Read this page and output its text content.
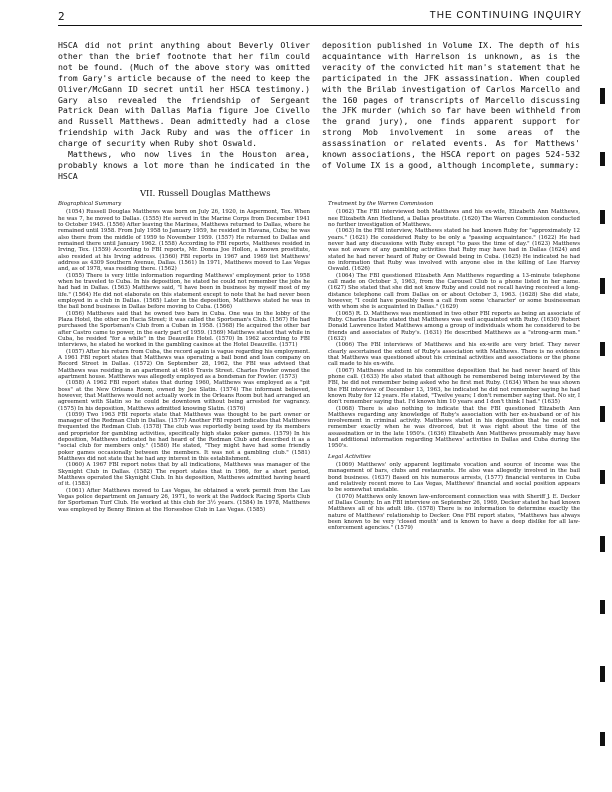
2	THE CONTINUING INQUIRY

HSCA did not print anything about Beverly Oliver other than the brief footnote that her film could not be found. (Much of the above story was omitted from Gary's article because of the need to keep the Oliver/McGann ID secret until her HSCA testimony.) Gary also revealed the friendship of Sergeant Patrick Dean with Dallas Mafia figure Joe Civello and Russell Matthews. Dean admittedly had a close friendship with Jack Ruby and was the officer in charge of security when Ruby shot Oswald.

Matthews, who now lives in the Houston area, probably knows a lot more than he indicated in the HSCA

deposition published in Volume IX. The depth of his acquaintance with Harrelson is unknown, as is the veracity of the convicted hit man's statement that he participated in the JFK assassination. When coupled with the Brilab investigation of Carlos Marcello and the 160 pages of transcripts of Marcello discussing the JFK murder (which so far have been withheld from the grand jury), one finds apparent support for strong Mob involvement in some areas of the assassination or related events. As for Matthews' known associations, the HSCA report on pages 524-532 of Volume IX is a good, although incomplete, summary:

VII. Russell Douglas Matthews
Biographical Summary

(1054) Russell Douglas Matthews was born on July 26, 1920, in Aspermont, Tex. When he was 7, he moved to Dallas. (1555) He served in the Marine Corps from December 1941 to October 1945. (1556) After leaving the Marines, Matthews returned to Dallas, where he remained until 1958. From July 1958 to January 1959, he resided in Havana, Cuba; he was also there from the middle of 1959 to November 1959. (1557) He returned to Dallas and remained there until January 1962. (1558) According to FBI reports, Matthews resided in Irving, Tex. (1559) According to FBI reports, Mr. Donna Joe Hollon, a known prostitute, also resided at his Irving address. (1560) FBI reports in 1967 and 1969 list Matthews' address as 4309 Southern Avenue, Dallas. (1561) In 1971, Matthews moved to Las Vegas and, as of 1978, was residing there. (1562)

(1055) There is very little information regarding Matthews' employment prior to 1958 when he traveled to Cuba. In his deposition, he stated he could not remember the jobs he had had in Dallas. (1563) Matthews said, "I have been in business by myself most of my life." (1564) He did not elaborate on this statement except to note that he had never been employed in a club in Dallas. (1565) Later in the deposition, Matthews stated he was in the bail bond business in Dallas before moving to Cuba. (1566)

(1056) Matthews said that he owned two bars in Cuba. One was in the lobby of the Plaza Hotel, the other on Hacia Street; it was called the Sportsman's Club. (1567) He had purchased the Sportsman's Club from a Cuban in 1958. (1568) He acquired the other bar after Castro came to power, in the early part of 1959. (1569) Matthews stated that while in Cuba, he resided "for a while" in the Deauville Hotel. (1570) In 1962 according to FBI interviews, he stated he worked in the gambling casinos at the Hotel Deauville. (1571)

(1057) After his return from Cuba, the record again is vague regarding his employment. A 1961 FBI report states that Matthews was operating a bail bond and loan company on Record Street in Dallas. (1572) On September 28, 1962, the FBI was advised that Matthews was residing in an apartment at 4616 Travis Street. Charles Fowler owned the apartment house. Matthews was allegedly employed as a bondsman for Fowler. (1573)

(1058) A 1962 FBI report states that during 1960, Matthews was employed as a "pit boss" at the New Orleans Room, owned by Joe Slatin. (1574) The informant believed, however, that Matthews would not actually work in the Orleans Room but had arranged an agreement with Slatin so he could be downtown without being arrested for vagrancy. (1575) In his deposition, Matthews admitted knowing Slatin. (1576)

(1059) Two 1963 FBI reports state that Matthews was thought to be part owner or manager of the Redman Club in Dallas. (1577) Another FBI report indicates that Matthews frequented the Redman Club. (1578) The club was reportedly being used by its members and proprietor for gambling activities, specifically high stake poker games. (1579) In his deposition, Matthews indicated he had heard of the Redman Club and described it as a "social club for members only." (1580) He stated, "They might have had some friendly poker games occasionally between the members. It was not a gambling club." (1581) Matthews did not state that he had any interest in this establishment.

(1060) A 1967 FBI report notes that by all indications, Matthews was manager of the Skynight Club in Dallas. (1582) The report states that in 1966, for a short period, Matthews operated the Skynight Club. In his deposition, Matthews admitted having heard of it. (1583)

(1061) After Matthews moved to Las Vegas, he obtained a work permit from the Las Vegas police department on January 26, 1971, to work at the Paddock Racing Sports Club for Sportsman Turf Club. He worked at this club for 3½ years. (1584) In 1978, Matthews was employed by Benny Binion at the Horseshoe Club in Las Vegas. (1585)

Treatment by the Warren Commission

(1062) The FBI interviewed both Matthews and his ex-wife, Elizabeth Ann Matthews, nee Elizabeth Ann Hedlund, a Dallas prostitute. (1620) The Warren Commission conducted no further investigation of Matthews.

(1063) In the FBI interview, Matthews stated he had known Ruby for "approximately 12 years." (1621) He considered Ruby to be only a "passing acquaintance." (1622) He had never had any discussions with Ruby except "to pass the time of day." (1623) Matthews was not aware of any gambling activities that Ruby may have had in Dallas (1624) and stated he had never heard of Ruby or Oswald being in Cuba. (1625) He indicated he had no information that Ruby was involved with anyone else in the killing of Lee Harvey Oswald. (1626)

(1064) The FBI questioned Elizabeth Ann Matthews regarding a 13-minute telephone call made on October 3, 1963, from the Carousel Club to a phone listed in her name. (1627) She stated that she did not know Ruby and could not recall having received a long-distance telephone call from Dallas on or about October 3, 1963. (1628) She did state, however, "I could have possibly been a call from some 'character' or some businessman with whom she is acquainted in Dallas." (1629)

(1065) R. D. Matthews was mentioned in two other FBI reports as being an associate of Ruby. Charles Duarte stated that Matthews was well acquainted with Ruby. (1630) Robert Donald Lawrence listed Matthews among a group of individuals whom he considered to be friends and associates of Ruby's. (1631) He described Matthews as a "strong-arm man." (1632)

(1066) The FBI interviews of Matthews and his ex-wife are very brief. They never clearly ascertained the extent of Ruby's association with Matthews. There is no evidence that Matthews was questioned about his criminal activities and associations or the phone call made to his ex-wife.

(1067) Matthews stated in his committee deposition that he had never heard of this phone call. (1633) He also stated that although he remembered being interviewed by the FBI, he did not remember being asked who he first met Ruby. (1634) When he was shown the FBI interview of December 13, 1963, he indicated he did not remember saying he had known Ruby for 12 years. He stated, "Twelve years; I don't remember saying that. No sir, I don't remember saying that. I'd known him 10 years and I don't think I had." (1635)

(1068) There is also nothing to indicate that the FBI questioned Elizabeth Ann Matthews regarding any knowledge of Ruby's association with her ex-husband or of his involvement in criminal activity. Matthews stated in his deposition that he could not remember exactly when he was divorced, but it was right about the time of the assassination or in the late 1950's. (1636) Elizabeth Ann Matthews presumably may have had additional information regarding Matthews' activities in Dallas and Cuba during the 1950's.

Legal Activities

(1069) Matthews' only apparent legitimate vocation and source of income was the management of bars, clubs and restaurants. He also was allegedly involved in the bail bond business. (1637) Based on his numerous arrests, (1577) financial ventures in Cuba and relatively recent move to Las Vegas, Matthews' financial and social position appears to be somewhat unstable.

(1070) Matthews only known law-enforcement connection was with Sheriff J. E. Decker of Dallas County. In an FBI interview on September 26, 1969, Decker stated he had known Matthews all of his adult life. (1578) There is no information to determine exactly the nature of Matthews' relationship to Decker. One FBI report states, "Matthews has always been known to be very 'closed mouth' and is known to have a deep dislike for all law-enforcement agencies." (1579)
